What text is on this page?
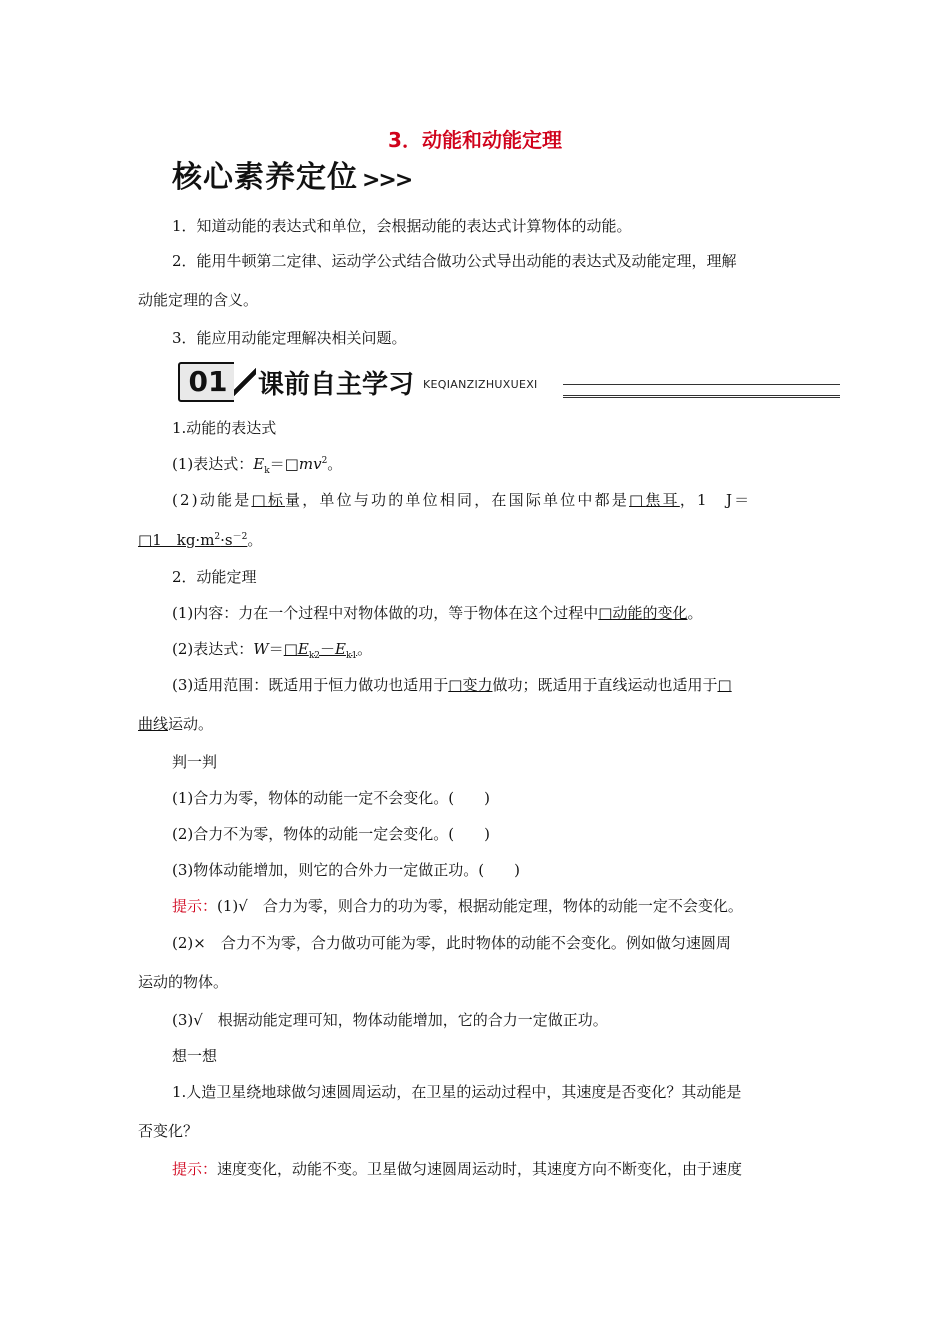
3．动能和动能定理
核心素养定位 >>>
1．知道动能的表达式和单位，会根据动能的表达式计算物体的动能。
2．能用牛顿第二定律、运动学公式结合做功公式导出动能的表达式及动能定理，理解
动能定理的含义。
3．能应用动能定理解决相关问题。
01	课前自主学习 KEQIANZIZHUXUEXI
1.动能的表达式
(1)表达式：$E_k=□mv^2$。
(2)动能是□标量，单位与功的单位相同，在国际单位中都是□焦耳，1　J＝
□1　$kg\cdot m^2\cdot s^{-2}$。
2．动能定理
(1)内容：力在一个过程中对物体做的功，等于物体在这个过程中□动能的变化。
(2)表达式：$W=□E_{k2}-E_{k1}$。
(3)适用范围：既适用于恒力做功也适用于□变力做功；既适用于直线运动也适用于□
曲线运动。
判一判
(1)合力为零，物体的动能一定不会变化。(　　)
(2)合力不为零，物体的动能一定会变化。(　　)
(3)物体动能增加，则它的合外力一定做正功。(　　)
提示：(1)√　合力为零，则合力的功为零，根据动能定理，物体的动能一定不会变化。
(2)×　合力不为零，合力做功可能为零，此时物体的动能不会变化。例如做匀速圆周
运动的物体。
(3)√　根据动能定理可知，物体动能增加，它的合力一定做正功。
想一想
1.人造卫星绕地球做匀速圆周运动，在卫星的运动过程中，其速度是否变化？其动能是
否变化？
提示：速度变化，动能不变。卫星做匀速圆周运动时，其速度方向不断变化，由于速度
